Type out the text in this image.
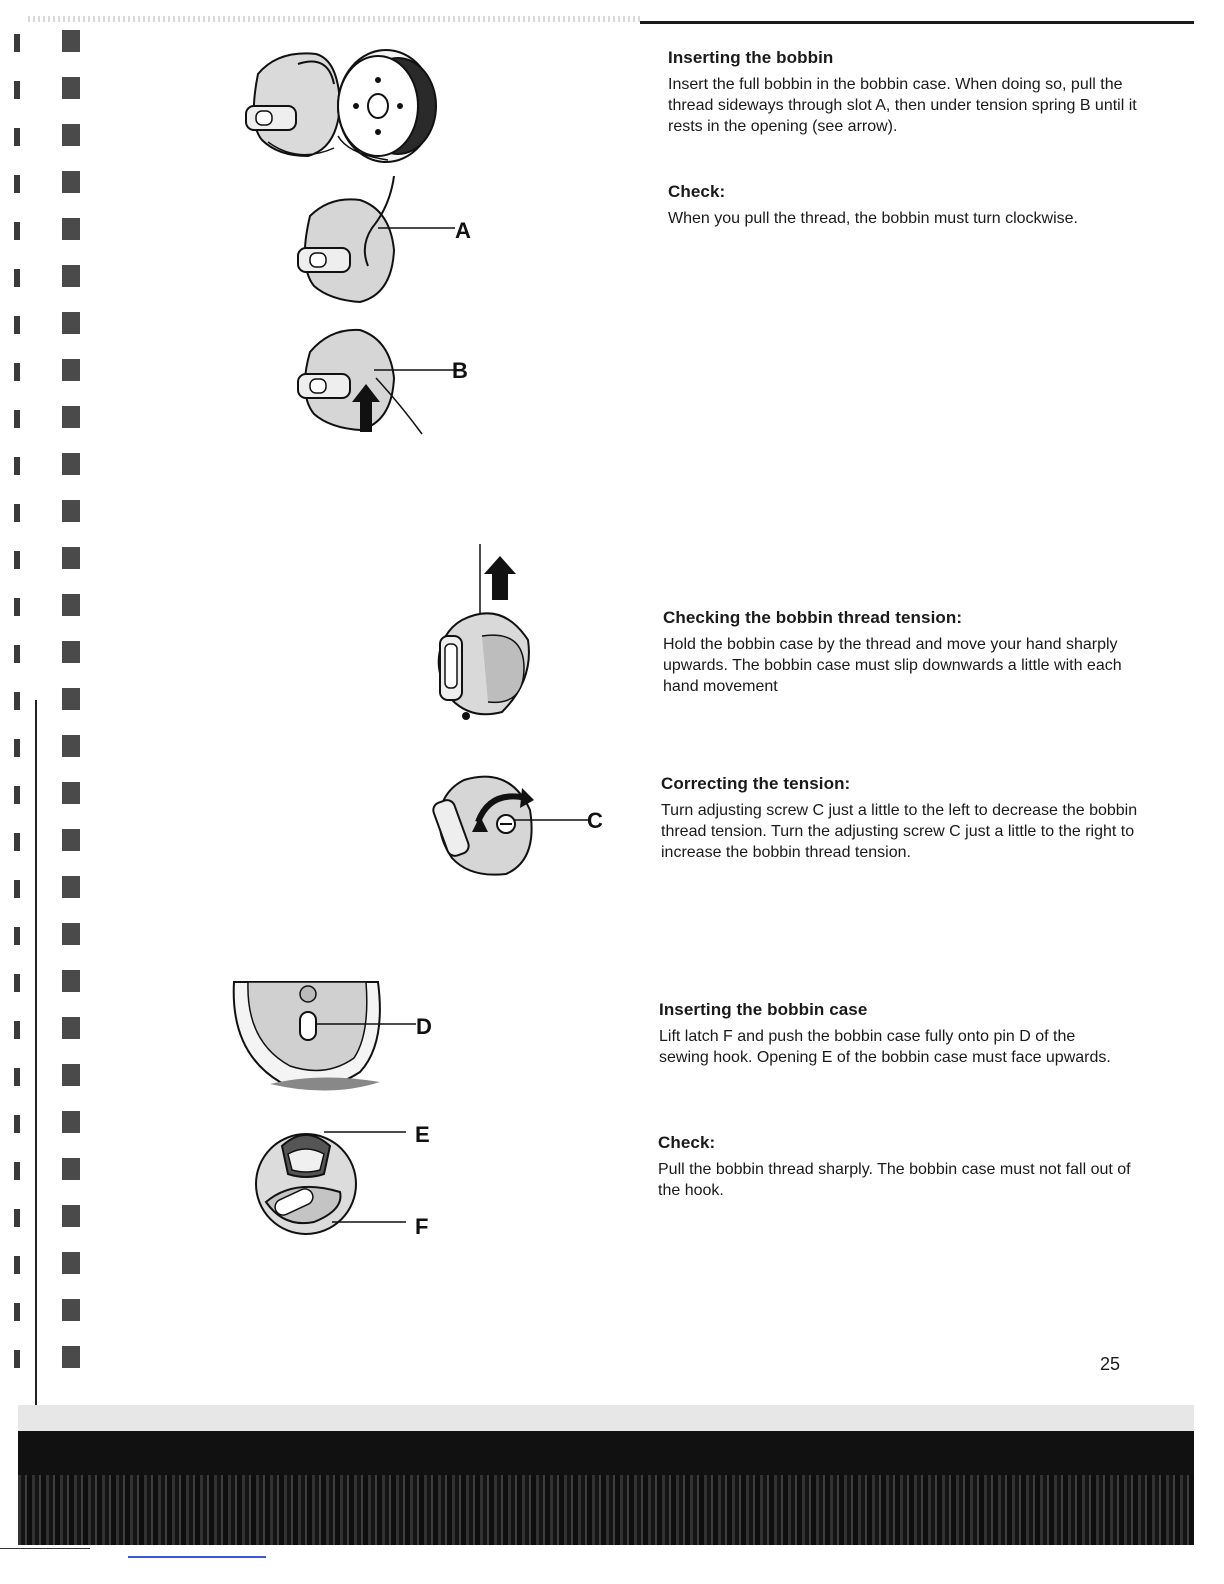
Inserting the bobbin

Insert the full bobbin in the bobbin case. When doing so, pull the thread sideways through slot A, then under tension spring B until it rests in the opening (see arrow).

Check:

When you pull the thread, the bobbin must turn clockwise.

Checking the bobbin thread tension:

Hold the bobbin case by the thread and move your hand sharply upwards. The bobbin case must slip downwards a little with each hand movement

Correcting the tension:

Turn adjusting screw C just a little to the left to decrease the bobbin thread tension. Turn the adjusting screw C just a little to the right to increase the bobbin thread tension.

Inserting the bobbin case

Lift latch F and push the bobbin case fully onto pin D of the sewing hook. Opening E of the bobbin case must face upwards.

Check:

Pull the bobbin thread sharply. The bobbin case must not fall out of the hook.

25
A
B
C
D
E
F
